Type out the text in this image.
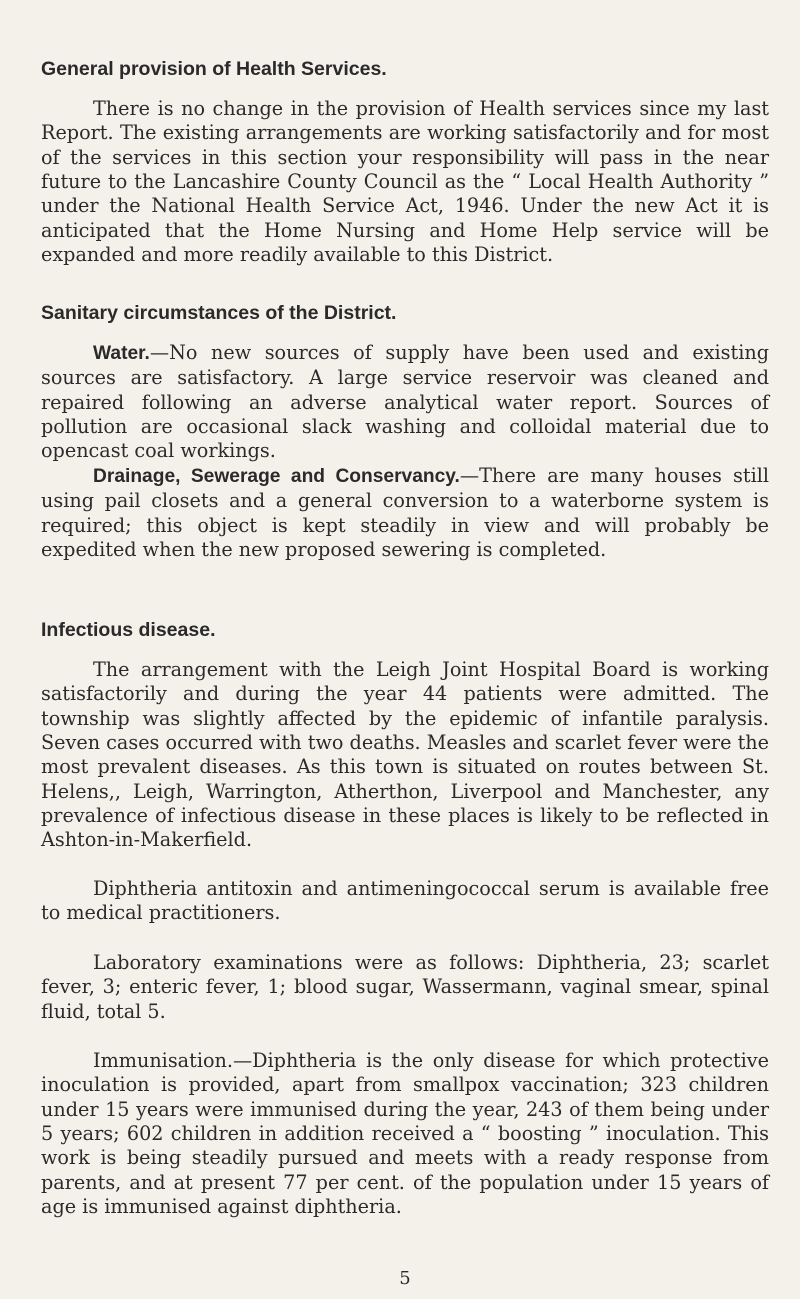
General provision of Health Services.

There is no change in the provision of Health services since my last Report. The existing arrangements are working satisfactorily and for most of the services in this section your responsibility will pass in the near future to the Lancashire County Council as the “ Local Health Authority ” under the National Health Service Act, 1946. Under the new Act it is anticipated that the Home Nursing and Home Help service will be expanded and more readily available to this District.

Sanitary circumstances of the District.

Water.—No new sources of supply have been used and existing sources are satisfactory. A large service reservoir was cleaned and repaired following an adverse analytical water report. Sources of pollution are occasional slack washing and colloidal material due to opencast coal workings.

Drainage, Sewerage and Conservancy.—There are many houses still using pail closets and a general conversion to a waterborne system is required; this object is kept steadily in view and will probably be expedited when the new proposed sewering is completed.

Infectious disease.

The arrangement with the Leigh Joint Hospital Board is working satisfactorily and during the year 44 patients were admitted. The township was slightly affected by the epidemic of infantile paralysis. Seven cases occurred with two deaths. Measles and scarlet fever were the most prevalent diseases. As this town is situated on routes between St. Helens,, Leigh, Warrington, Atherthon, Liverpool and Manchester, any prevalence of infectious disease in these places is likely to be reflected in Ashton-in-Makerfield.

Diphtheria antitoxin and antimeningococcal serum is available free to medical practitioners.

Laboratory examinations were as follows: Diphtheria, 23; scarlet fever, 3; enteric fever, 1; blood sugar, Wassermann, vaginal smear, spinal fluid, total 5.

Immunisation.—Diphtheria is the only disease for which protective inoculation is provided, apart from smallpox vaccination; 323 children under 15 years were immunised during the year, 243 of them being under 5 years; 602 children in addition received a “ boosting ” inoculation. This work is being steadily pursued and meets with a ready response from parents, and at present 77 per cent. of the population under 15 years of age is immunised against diphtheria.

5
